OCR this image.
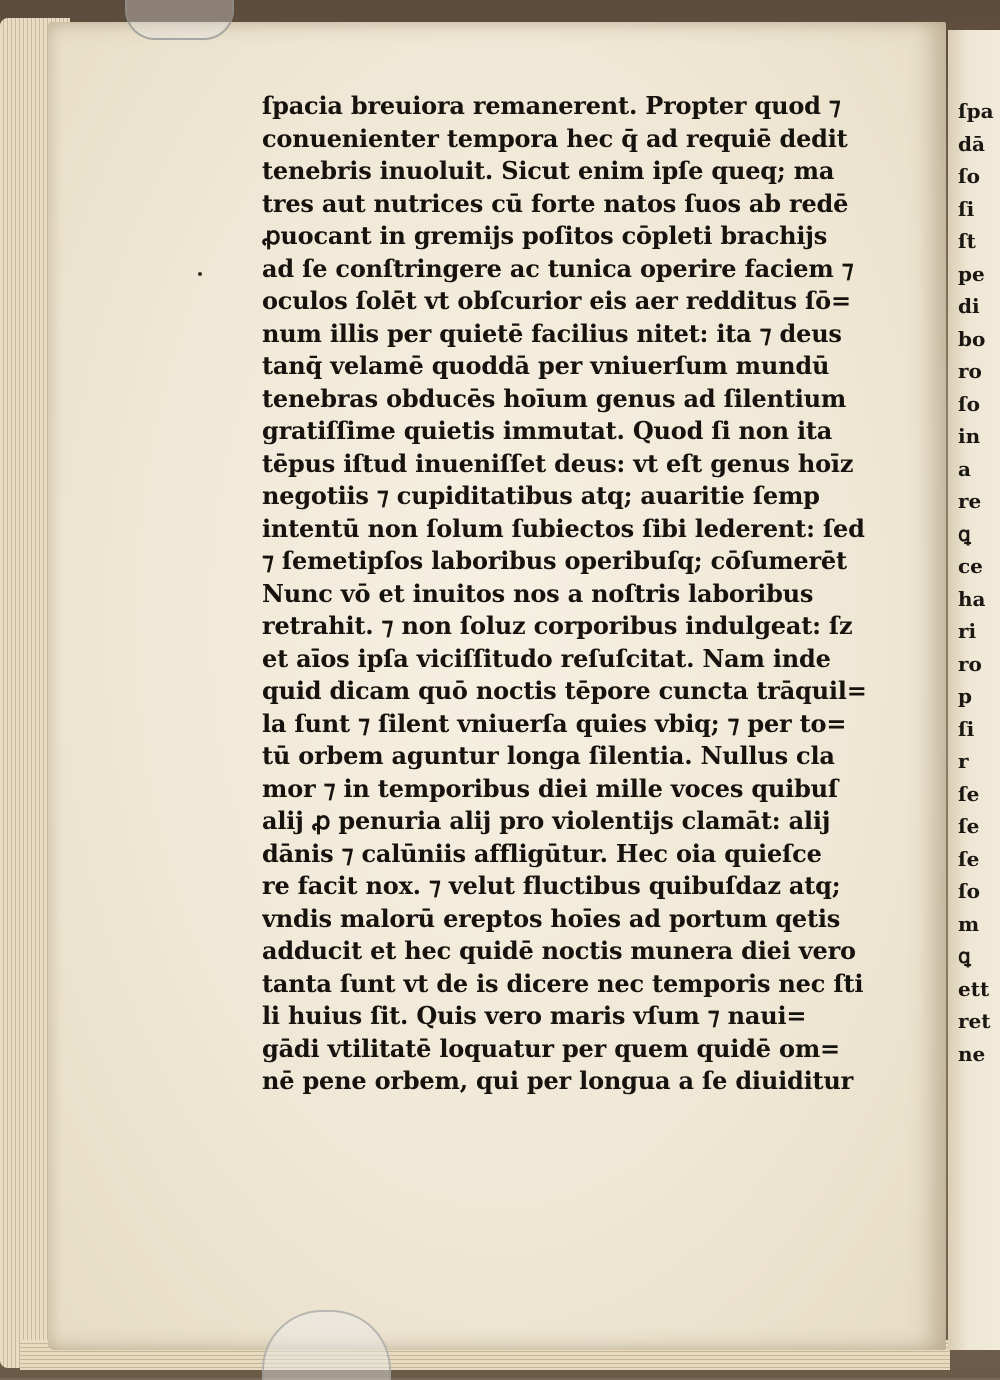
ſpa
dā
ſo
ſi
ſt
pe
di
bo
ro
ſo
in
a
re
ꝗ
ce
ha
ri
ro
p
ſi
r
ſe
ſe
ſe
ſo
m
ꝗ
ett
ret
ne
ſpacia breuiora remanerent. Propter quod ⁊
conuenienter tempora hec q̄ ad requiē dedit
tenebris inuoluit. Sicut enim ipſe queq; ma
tres aut nutrices cū forte natos ſuos ab redē
ꝓuocant in gremijs poſitos cōpleti brachijs
ad ſe conſtringere ac tunica operire faciem ⁊
oculos ſolēt vt obſcurior eis aer redditus ſō=
num illis per quietē facilius nitet: ita ⁊ deus
tanq̄ velamē quoddā per vniuerſum mundū
tenebras obducēs hoīum genus ad ſilentium
gratiſſime quietis immutat. Quod ſi non ita
tēpus iſtud inueniſſet deus: vt eſt genus hoīz
negotiis ⁊ cupiditatibus atq; auaritie ſemp
intentū non ſolum ſubiectos ſibi lederent: ſed
⁊ ſemetipſos laboribus operibuſq; cōſumerēt
Nunc vō et inuitos nos a noſtris laboribus
retrahit. ⁊ non ſoluz corporibus indulgeat: ſz
et aīos ipſa viciſſitudo reſuſcitat. Nam inde
quid dicam quō noctis tēpore cuncta trāquil=
la ſunt ⁊ ſilent vniuerſa quies vbiq; ⁊ per to=
tū orbem aguntur longa ſilentia. Nullus cla
mor ⁊ in temporibus diei mille voces quibuſ
alij ꝓ penuria alij pro violentijs clamāt: alij
dānis ⁊ calūniis affligūtur. Hec oia quieſce
re facit nox. ⁊ velut fluctibus quibuſdaz atq;
vndis malorū ereptos hoīes ad portum qetis
adducit et hec quidē noctis munera diei vero
tanta ſunt vt de is dicere nec temporis nec ſti
li huius ſit. Quis vero maris vſum ⁊ naui=
gādi vtilitatē loquatur per quem quidē om=
nē pene orbem, qui per longua a ſe diuiditur
